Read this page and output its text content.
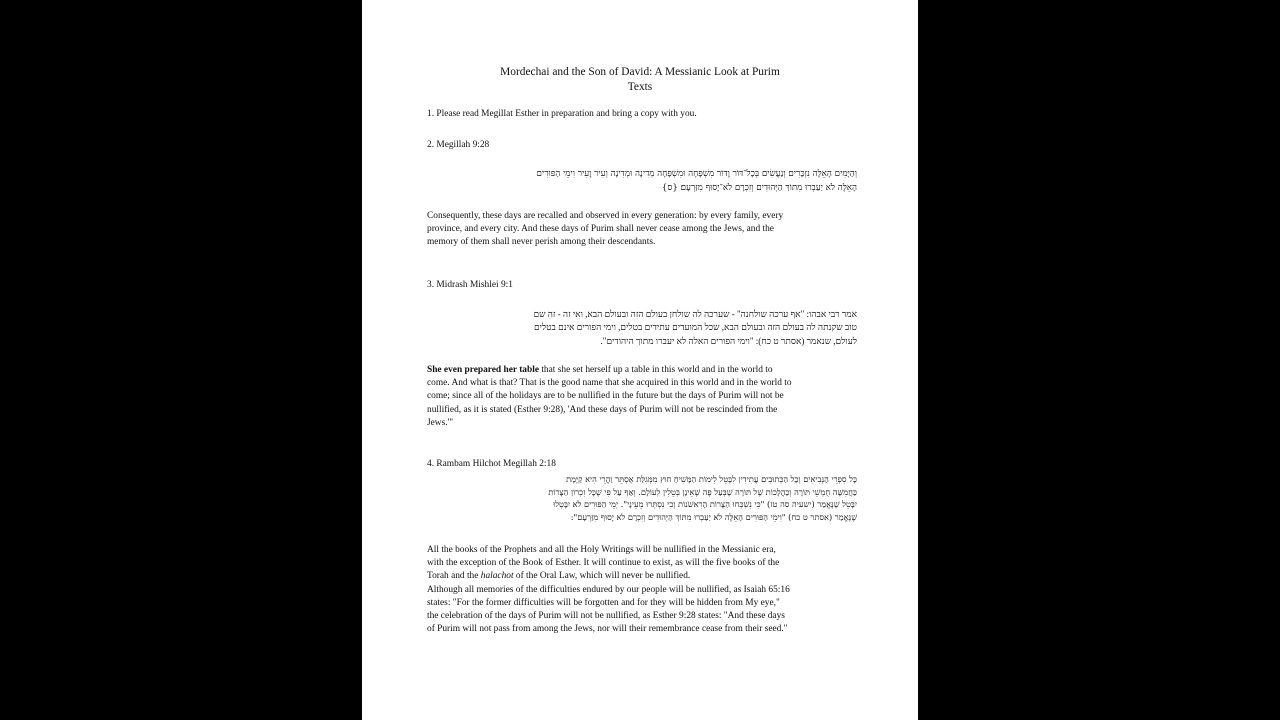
Mordechai and the Son of David: A Messianic Look at Purim
Texts
1. Please read Megillat Esther in preparation and bring a copy with you.
2. Megillah 9:28
וְהַיָּמִים הָאֵלֶּה נִזְכָּרִים וְנַעֲשִׂים בְּכָל־דּוֹר וָדוֹר מִשְׁפָּחָה וּמִשְׁפָּחָה מְדִינָה וּמְדִינָה וְעִיר וָעִיר וִימֵי הַפּוּרִים
הָאֵלֶּה לֹא יַעַבְרוּ מִתּוֹךְ הַיְּהוּדִים וְזִכְרָם לֹא־יָסוּף מִזַּרְעָם׃ {ס}
Consequently, these days are recalled and observed in every generation: by every family, every
province, and every city. And these days of Purim shall never cease among the Jews, and the
memory of them shall never perish among their descendants.
3. Midrash Mishlei 9:1
אמר רבי אבהו: "אף ערכה שולחנה" - שערכה לה שולחן בעולם הזה ובעולם הבא, ואי זה - זה שם
טוב שקנתה לה בעולם הזה ובעולם הבא, שכל המועדים עתידים בטלים, וימי הפורים אינם בטלים
לעולם, שנאמר (אסתר ט כח): "וימי הפורים האלה לא יעברו מתוך היהודים".
She even prepared her table that she set herself up a table in this world and in the world to
come. And what is that? That is the good name that she acquired in this world and in the world to
come; since all of the holidays are to be nullified in the future but the days of Purim will not be
nullified, as it is stated (Esther 9:28), 'And these days of Purim will not be rescinded from the
Jews.'"
4. Rambam Hilchot Megillah 2:18
כָּל סִפְרֵי הַנְּבִיאִים וְכָל הַכְּתוּבִים עֲתִידִין לִבָּטֵל לִימוֹת הַמָּשִׁיחַ חוּץ מִמְּגִלַּת אֶסְתֵּר וַהֲרֵי הִיא קַיֶּמֶת
כַּחֲמִשָּׁה חֻמְשֵׁי תּוֹרָה וְכַהֲלָכוֹת שֶׁל תּוֹרָה שֶׁבְּעַל פֶּה שֶׁאֵינָן בְּטֵלִין לְעוֹלָם. וְאַף עַל פִּי שֶׁכָּל זִכְרוֹן הַצָּרוֹת
יִבָּטֵל שֶׁנֶּאֱמַר (ישעיה סה טז) "כִּי נִשְׁכְּחוּ הַצָּרוֹת הָרִאשֹׁנוֹת וְכִי נִסְתְּרוּ מֵעֵינָי". יְמֵי הַפּוּרִים לֹא יִבָּטְלוּ
שֶׁנֶּאֱמַר (אסתר ט כח) "וִימֵי הַפּוּרִים הָאֵלֶּה לֹא יַעַבְרוּ מִתּוֹךְ הַיְּהוּדִים וְזִכְרָם לֹא יָסוּף מִזַּרְעָם":
All the books of the Prophets and all the Holy Writings will be nullified in the Messianic era,
with the exception of the Book of Esther. It will continue to exist, as will the five books of the
Torah and the halachot of the Oral Law, which will never be nullified.
Although all memories of the difficulties endured by our people will be nullified, as Isaiah 65:16
states: "For the former difficulties will be forgotten and for they will be hidden from My eye,"
the celebration of the days of Purim will not be nullified, as Esther 9:28 states: "And these days
of Purim will not pass from among the Jews, nor will their remembrance cease from their seed."
